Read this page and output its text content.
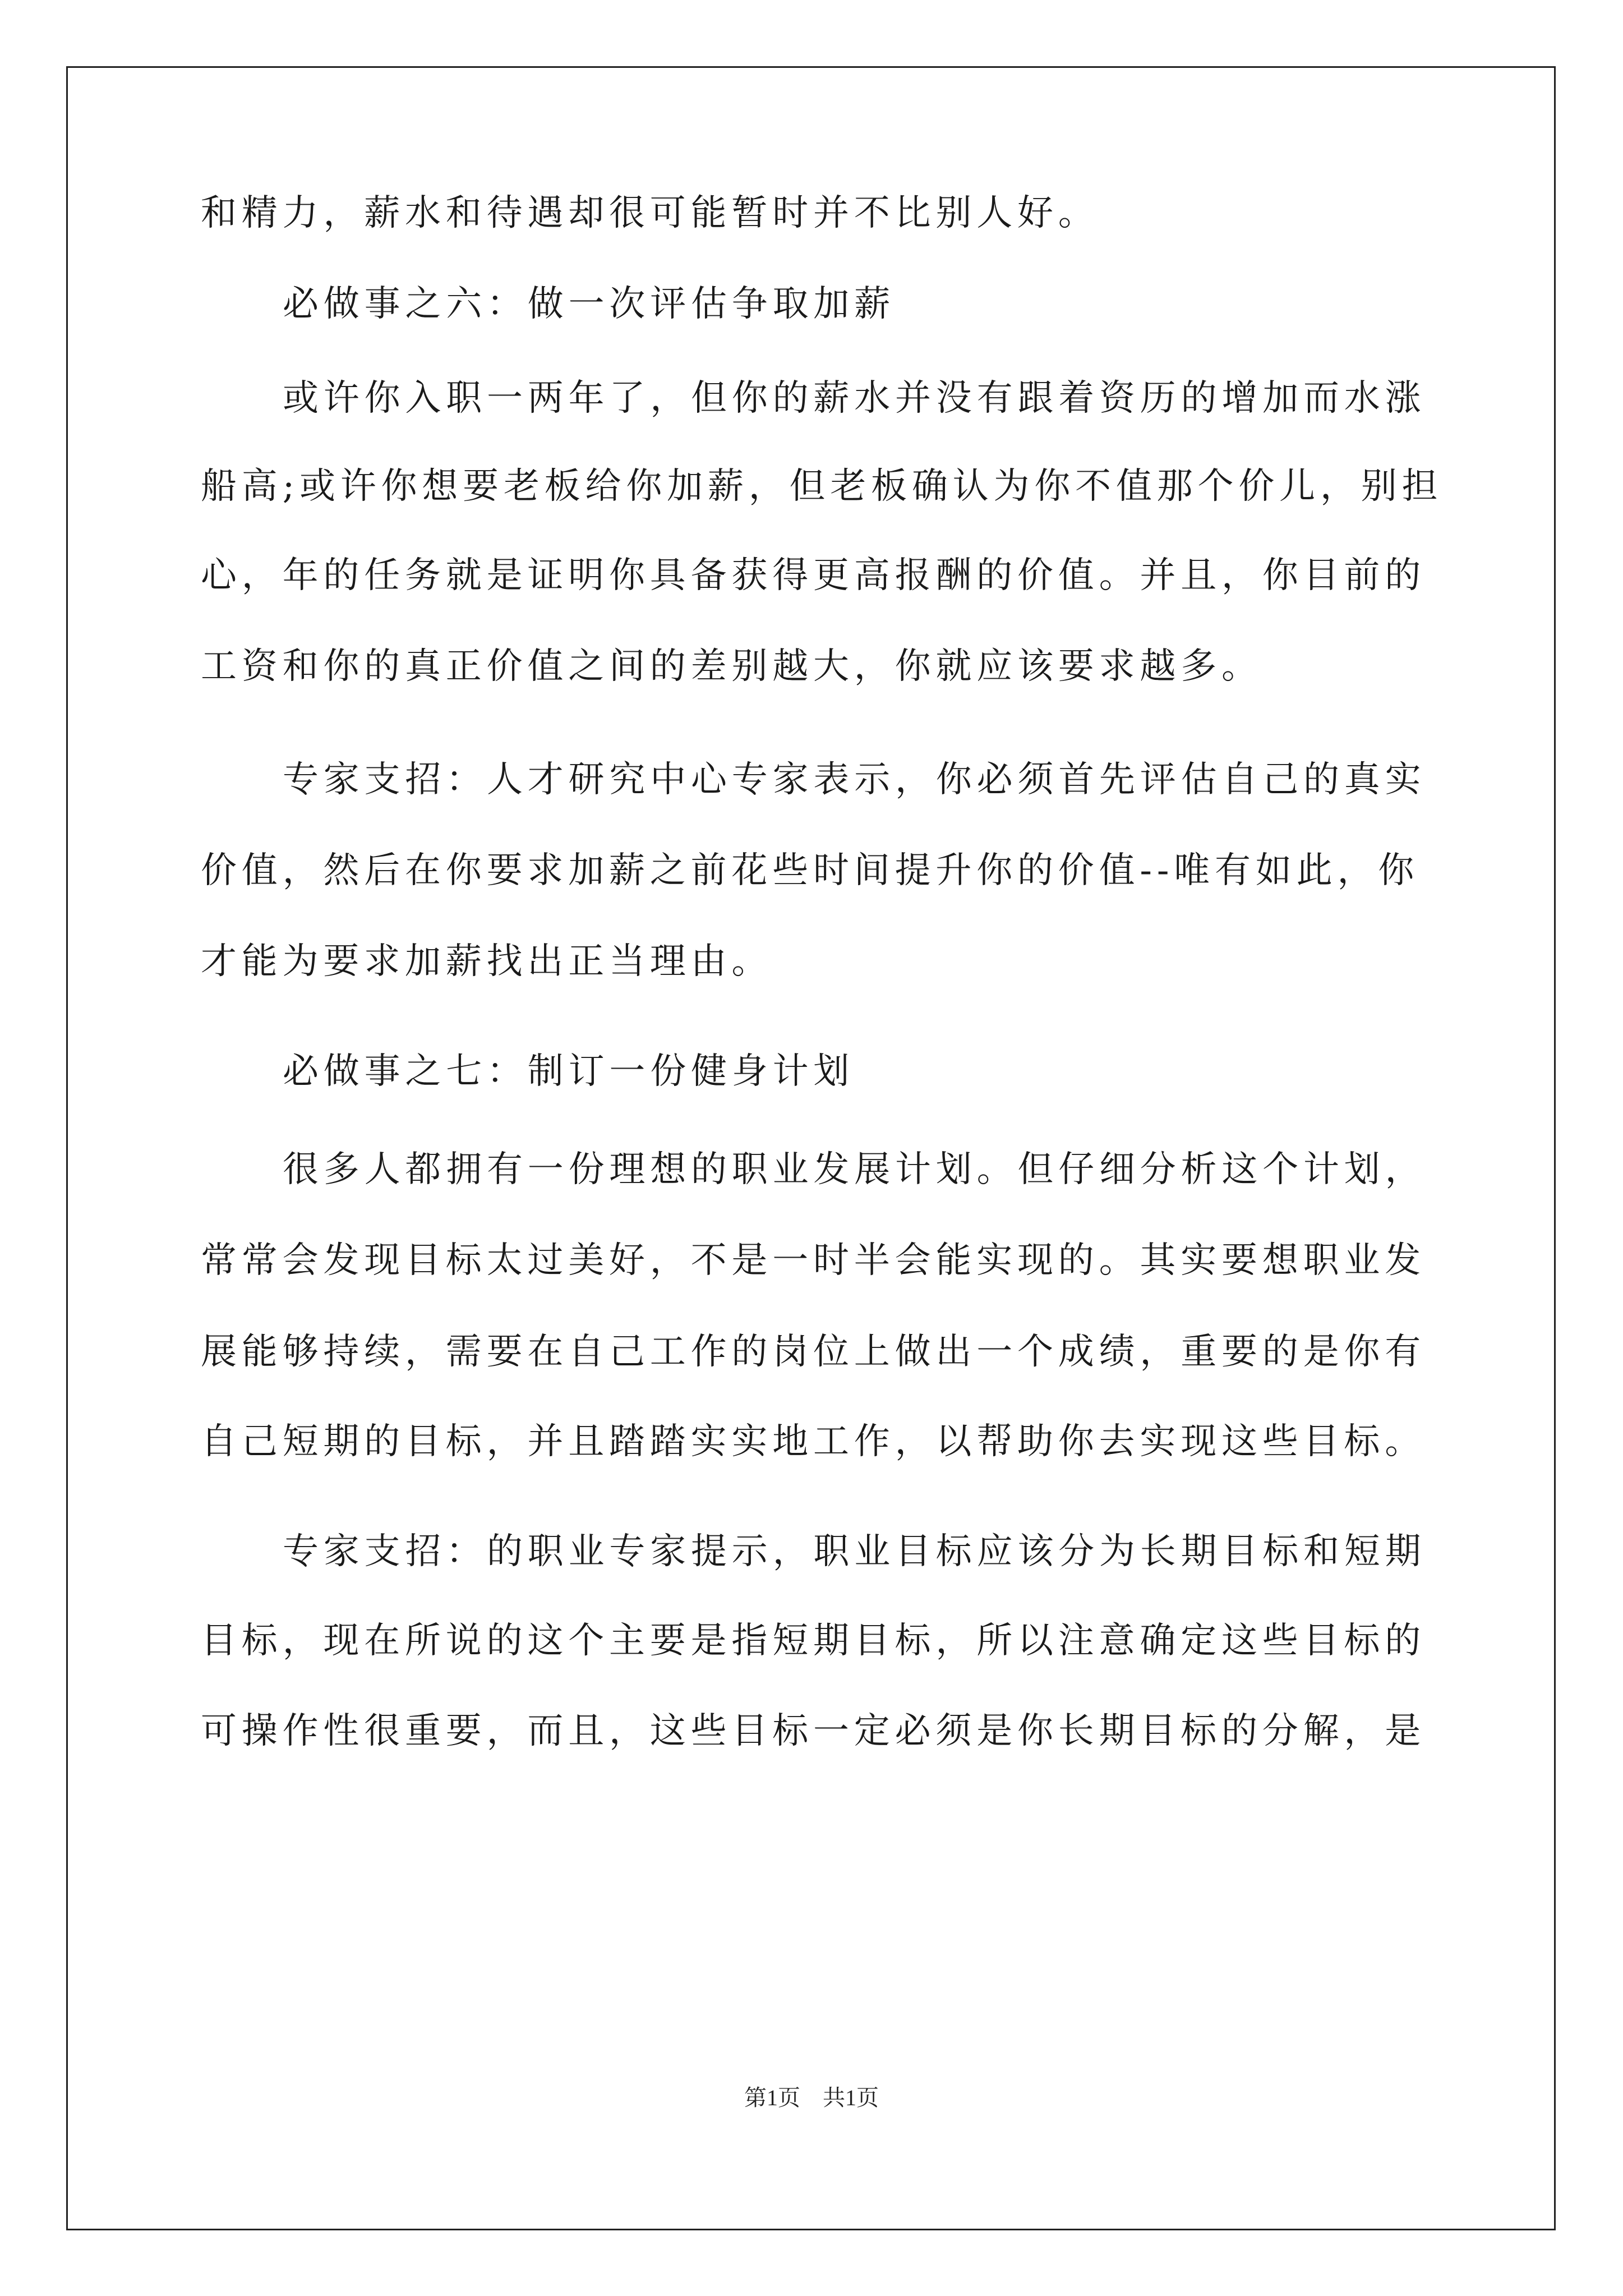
和精力，薪水和待遇却很可能暂时并不比别人好。
必做事之六：做一次评估争取加薪
或许你入职一两年了，但你的薪水并没有跟着资历的增加而水涨
船高;或许你想要老板给你加薪，但老板确认为你不值那个价儿，别担
心，年的任务就是证明你具备获得更高报酬的价值。并且，你目前的
工资和你的真正价值之间的差别越大，你就应该要求越多。
专家支招：人才研究中心专家表示，你必须首先评估自己的真实
价值，然后在你要求加薪之前花些时间提升你的价值--唯有如此，你
才能为要求加薪找出正当理由。
必做事之七：制订一份健身计划
很多人都拥有一份理想的职业发展计划。但仔细分析这个计划，
常常会发现目标太过美好，不是一时半会能实现的。其实要想职业发
展能够持续，需要在自己工作的岗位上做出一个成绩，重要的是你有
自己短期的目标，并且踏踏实实地工作，以帮助你去实现这些目标。
专家支招：的职业专家提示，职业目标应该分为长期目标和短期
目标，现在所说的这个主要是指短期目标，所以注意确定这些目标的
可操作性很重要，而且，这些目标一定必须是你长期目标的分解，是
第1页　共1页
